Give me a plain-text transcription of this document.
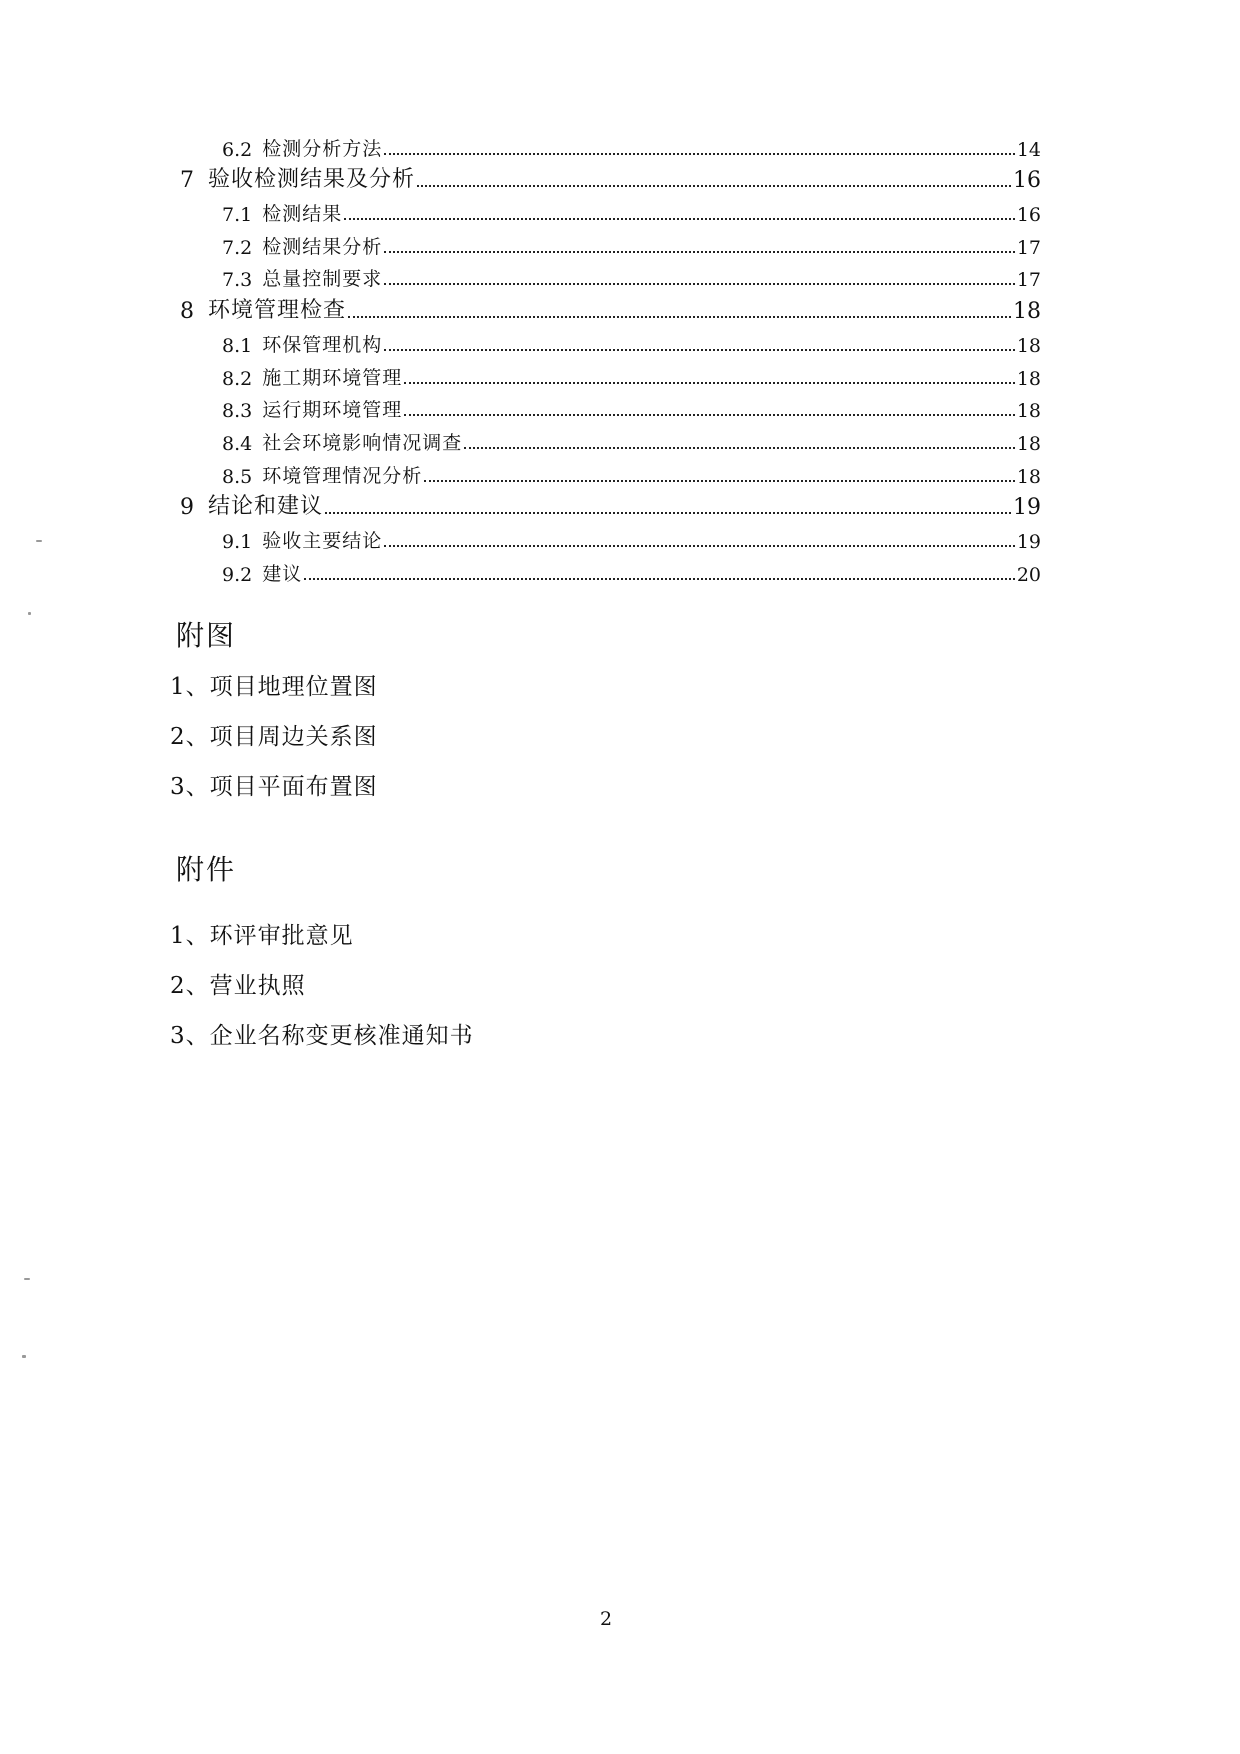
6.2 检测分析方法	14
7 验收检测结果及分析	16
7.1 检测结果	16
7.2 检测结果分析	17
7.3 总量控制要求	17
8 环境管理检查	18
8.1 环保管理机构	18
8.2 施工期环境管理	18
8.3 运行期环境管理	18
8.4 社会环境影响情况调查	18
8.5 环境管理情况分析	18
9 结论和建议	19
9.1 验收主要结论	19
9.2 建议	20
附图
1、项目地理位置图
2、项目周边关系图
3、项目平面布置图
附件
1、环评审批意见
2、营业执照
3、企业名称变更核准通知书
2
